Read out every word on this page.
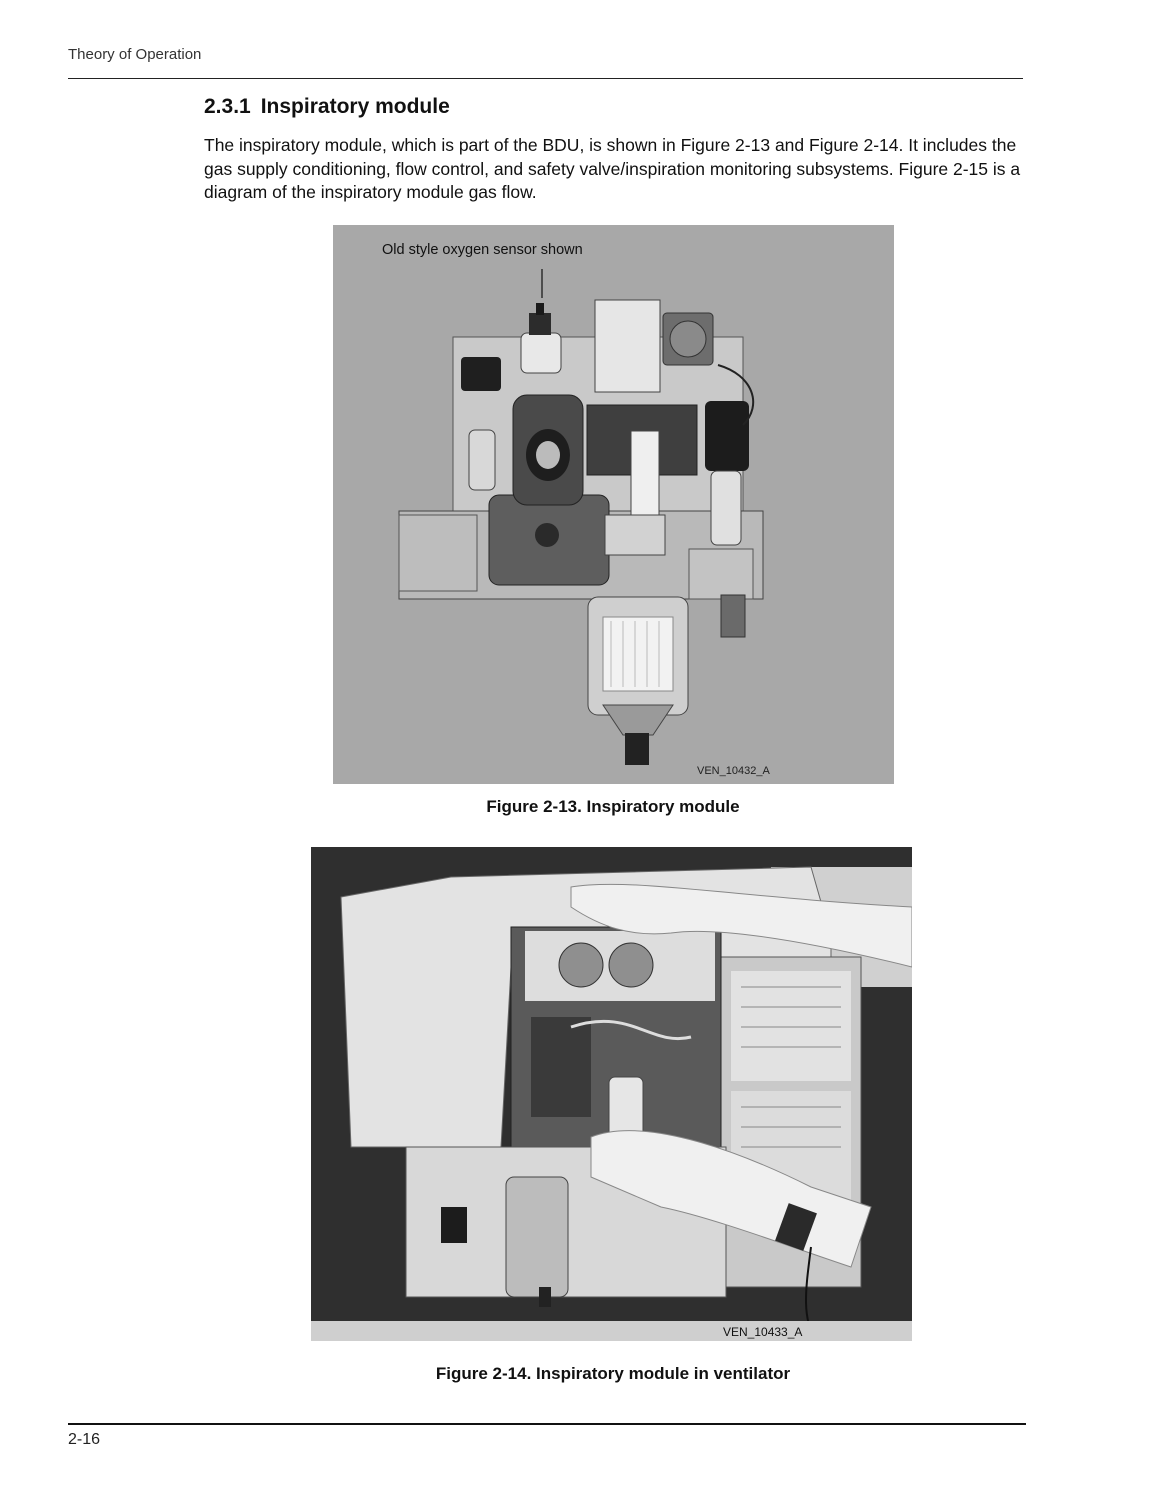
Theory of Operation
2.3.1 Inspiratory module

The inspiratory module, which is part of the BDU, is shown in Figure 2-13 and Figure 2-14. It includes the gas supply conditioning, flow control, and safety valve/inspiration monitoring subsystems. Figure 2-15 is a diagram of the inspiratory module gas flow.

Old style oxygen sensor shown
VEN_10432_A
Figure 2-13. Inspiratory module
VEN_10433_A
Figure 2-14. Inspiratory module in ventilator
2-16
